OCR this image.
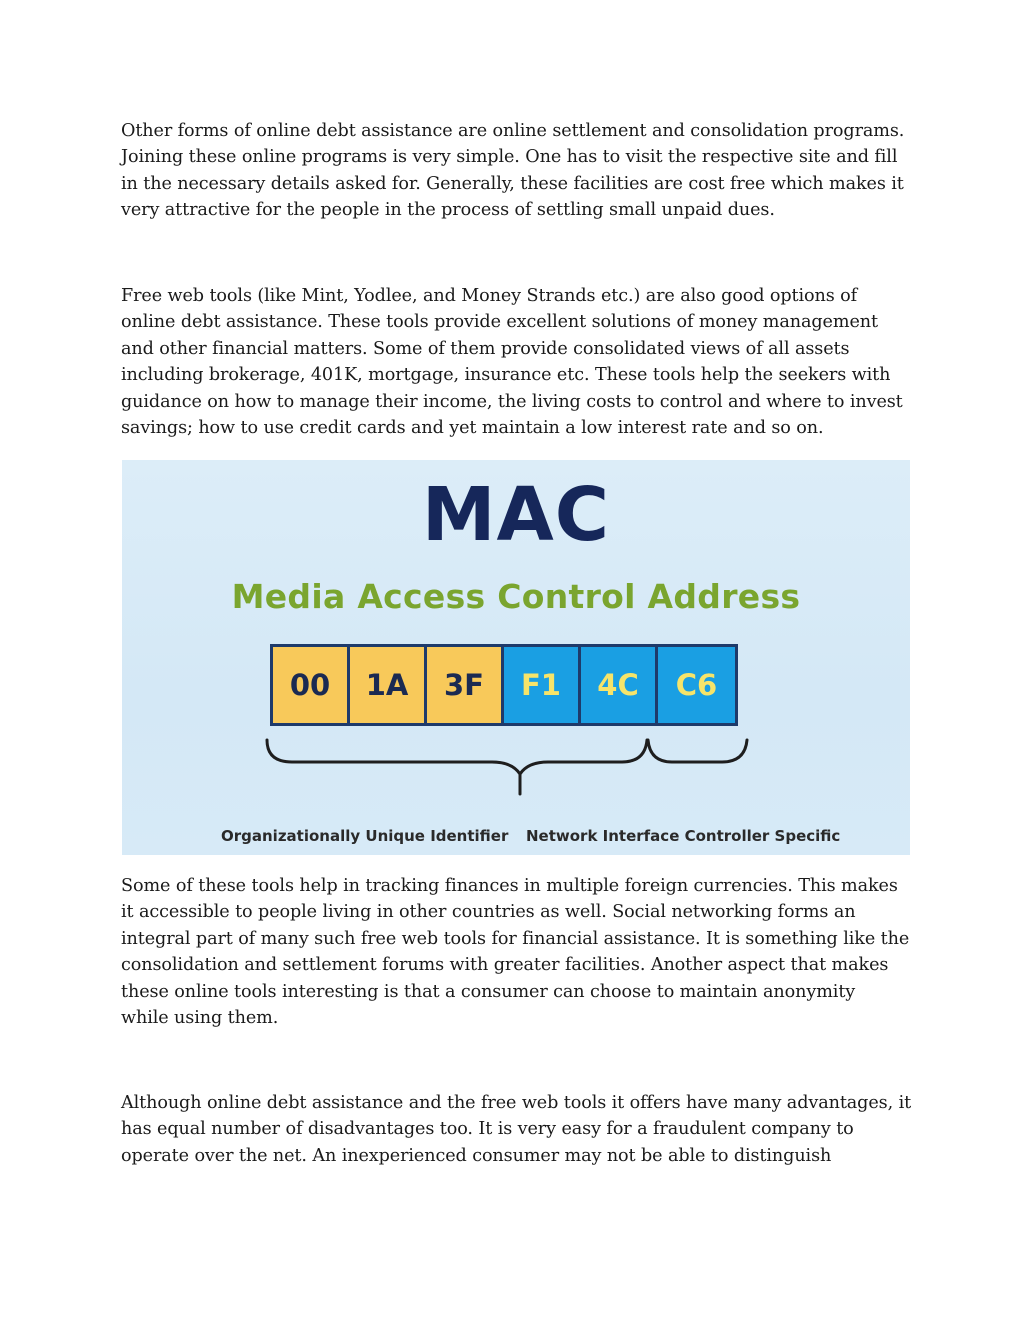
Other forms of online debt assistance are online settlement and consolidation programs.
Joining these online programs is very simple. One has to visit the respective site and fill
in the necessary details asked for. Generally, these facilities are cost free which makes it
very attractive for the people in the process of settling small unpaid dues.

Free web tools (like Mint, Yodlee, and Money Strands etc.) are also good options of
online debt assistance. These tools provide excellent solutions of money management
and other financial matters. Some of them provide consolidated views of all assets
including brokerage, 401K, mortgage, insurance etc. These tools help the seekers with
guidance on how to manage their income, the living costs to control and where to invest
savings; how to use credit cards and yet maintain a low interest rate and so on.

MAC
Media Access Control Address
00	1A	3F	F1	4C	C6
Organizationally Unique Identifier Network Interface Controller Specific

Some of these tools help in tracking finances in multiple foreign currencies. This makes
it accessible to people living in other countries as well. Social networking forms an
integral part of many such free web tools for financial assistance. It is something like the
consolidation and settlement forums with greater facilities. Another aspect that makes
these online tools interesting is that a consumer can choose to maintain anonymity
while using them.

Although online debt assistance and the free web tools it offers have many advantages, it
has equal number of disadvantages too. It is very easy for a fraudulent company to
operate over the net. An inexperienced consumer may not be able to distinguish
